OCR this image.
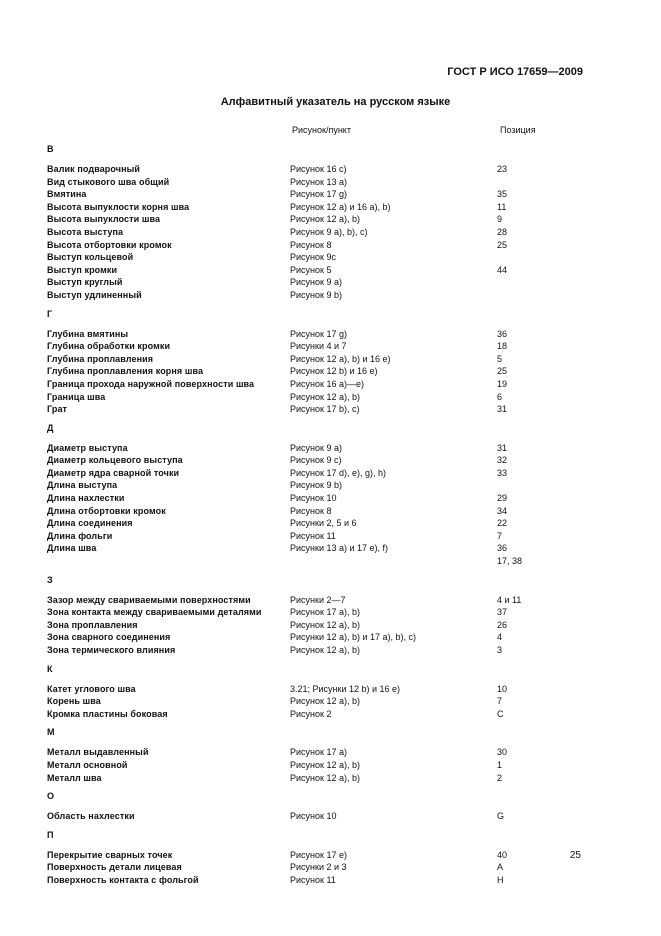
ГОСТ Р ИСО 17659—2009
Алфавитный указатель на русском языке
Рисунок/пункт	Позиция
В
Валик подварочный	Рисунок 16 с)	23
Вид стыкового шва общий	Рисунок 13 а)
Вмятина	Рисунок 17 g)	35
Высота выпуклости корня шва	Рисунок 12 а) и 16 а), b)	11
Высота выпуклости шва	Рисунок 12 а), b)	9
Высота выступа	Рисунок 9 а), b), с)	28
Высота отбортовки кромок	Рисунок 8	25
Выступ кольцевой	Рисунок 9c
Выступ кромки	Рисунок 5	44
Выступ круглый	Рисунок 9 а)
Выступ удлиненный	Рисунок 9 b)
Г
Глубина вмятины	Рисунок 17 g)	36
Глубина обработки кромки	Рисунки 4 и 7	18
Глубина проплавления	Рисунок 12 а), b) и 16 е)	5
Глубина проплавления корня шва	Рисунок 12 b) и 16 е)	25
Граница прохода наружной поверхности шва	Рисунок 16 а)—е)	19
Граница шва	Рисунок 12 а), b)	6
Грат	Рисунок 17 b), с)	31
Д
Диаметр выступа	Рисунок 9 а)	31
Диаметр кольцевого выступа	Рисунок 9 с)	32
Диаметр ядра сварной точки	Рисунок 17 d), е), g), h)	33
Длина выступа	Рисунок 9 b)
Длина нахлестки	Рисунок 10	29
Длина отбортовки кромок	Рисунок 8	34
Длина соединения	Рисунки 2, 5 и 6	22
Длина фольги	Рисунок 11	7
Длина шва	Рисунки 13 а) и 17 е), f)	36
17, 38
З
Зазор между свариваемыми поверхностями	Рисунки 2—7	4 и 11
Зона контакта между свариваемыми деталями	Рисунок 17 а), b)	37
Зона проплавления	Рисунок 12 а), b)	26
Зона сварного соединения	Рисунки 12 а), b) и 17 а), b), с)	4
Зона термического влияния	Рисунок 12 а), b)	3
К
Катет углового шва	3.21; Рисунки 12 b) и 16 е)	10
Корень шва	Рисунок 12 а), b)	7
Кромка пластины боковая	Рисунок 2	С
М
Металл выдавленный	Рисунок 17 а)	30
Металл основной	Рисунок 12 а), b)	1
Металл шва	Рисунок 12 а), b)	2
О
Область нахлестки	Рисунок 10	G
П
Перекрытие сварных точек	Рисунок 17 е)	40
Поверхность детали лицевая	Рисунки 2 и 3	А
Поверхность контакта с фольгой	Рисунок 11	Н
25
